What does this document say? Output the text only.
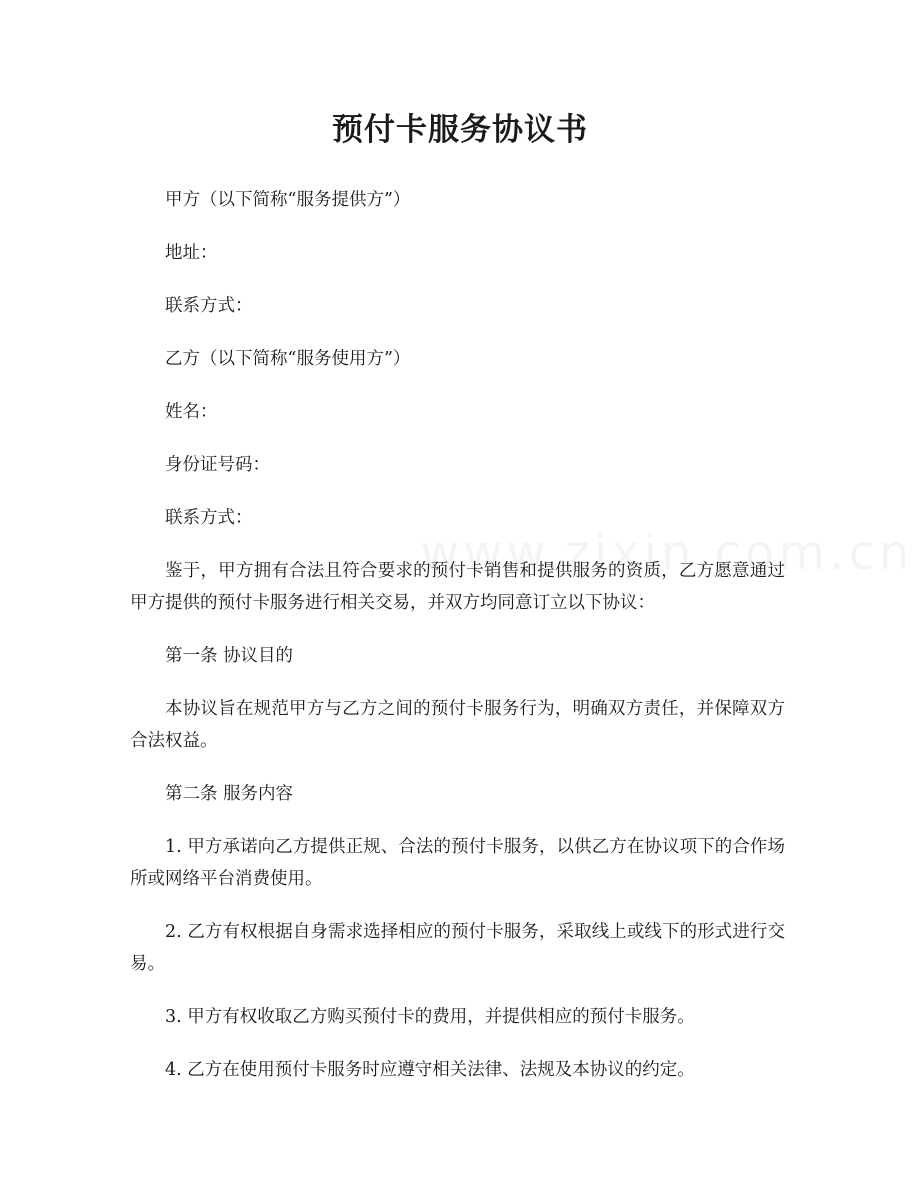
预付卡服务协议书

甲方（以下简称“服务提供方”）

地址：

联系方式：

乙方（以下简称“服务使用方”）

姓名：

身份证号码：

联系方式：

鉴于，甲方拥有合法且符合要求的预付卡销售和提供服务的资质，乙方愿意通过甲方提供的预付卡服务进行相关交易，并双方均同意订立以下协议：

第一条 协议目的

本协议旨在规范甲方与乙方之间的预付卡服务行为，明确双方责任，并保障双方合法权益。

第二条 服务内容

1. 甲方承诺向乙方提供正规、合法的预付卡服务，以供乙方在协议项下的合作场所或网络平台消费使用。

2. 乙方有权根据自身需求选择相应的预付卡服务，采取线上或线下的形式进行交易。

3. 甲方有权收取乙方购买预付卡的费用，并提供相应的预付卡服务。

4. 乙方在使用预付卡服务时应遵守相关法律、法规及本协议的约定。
